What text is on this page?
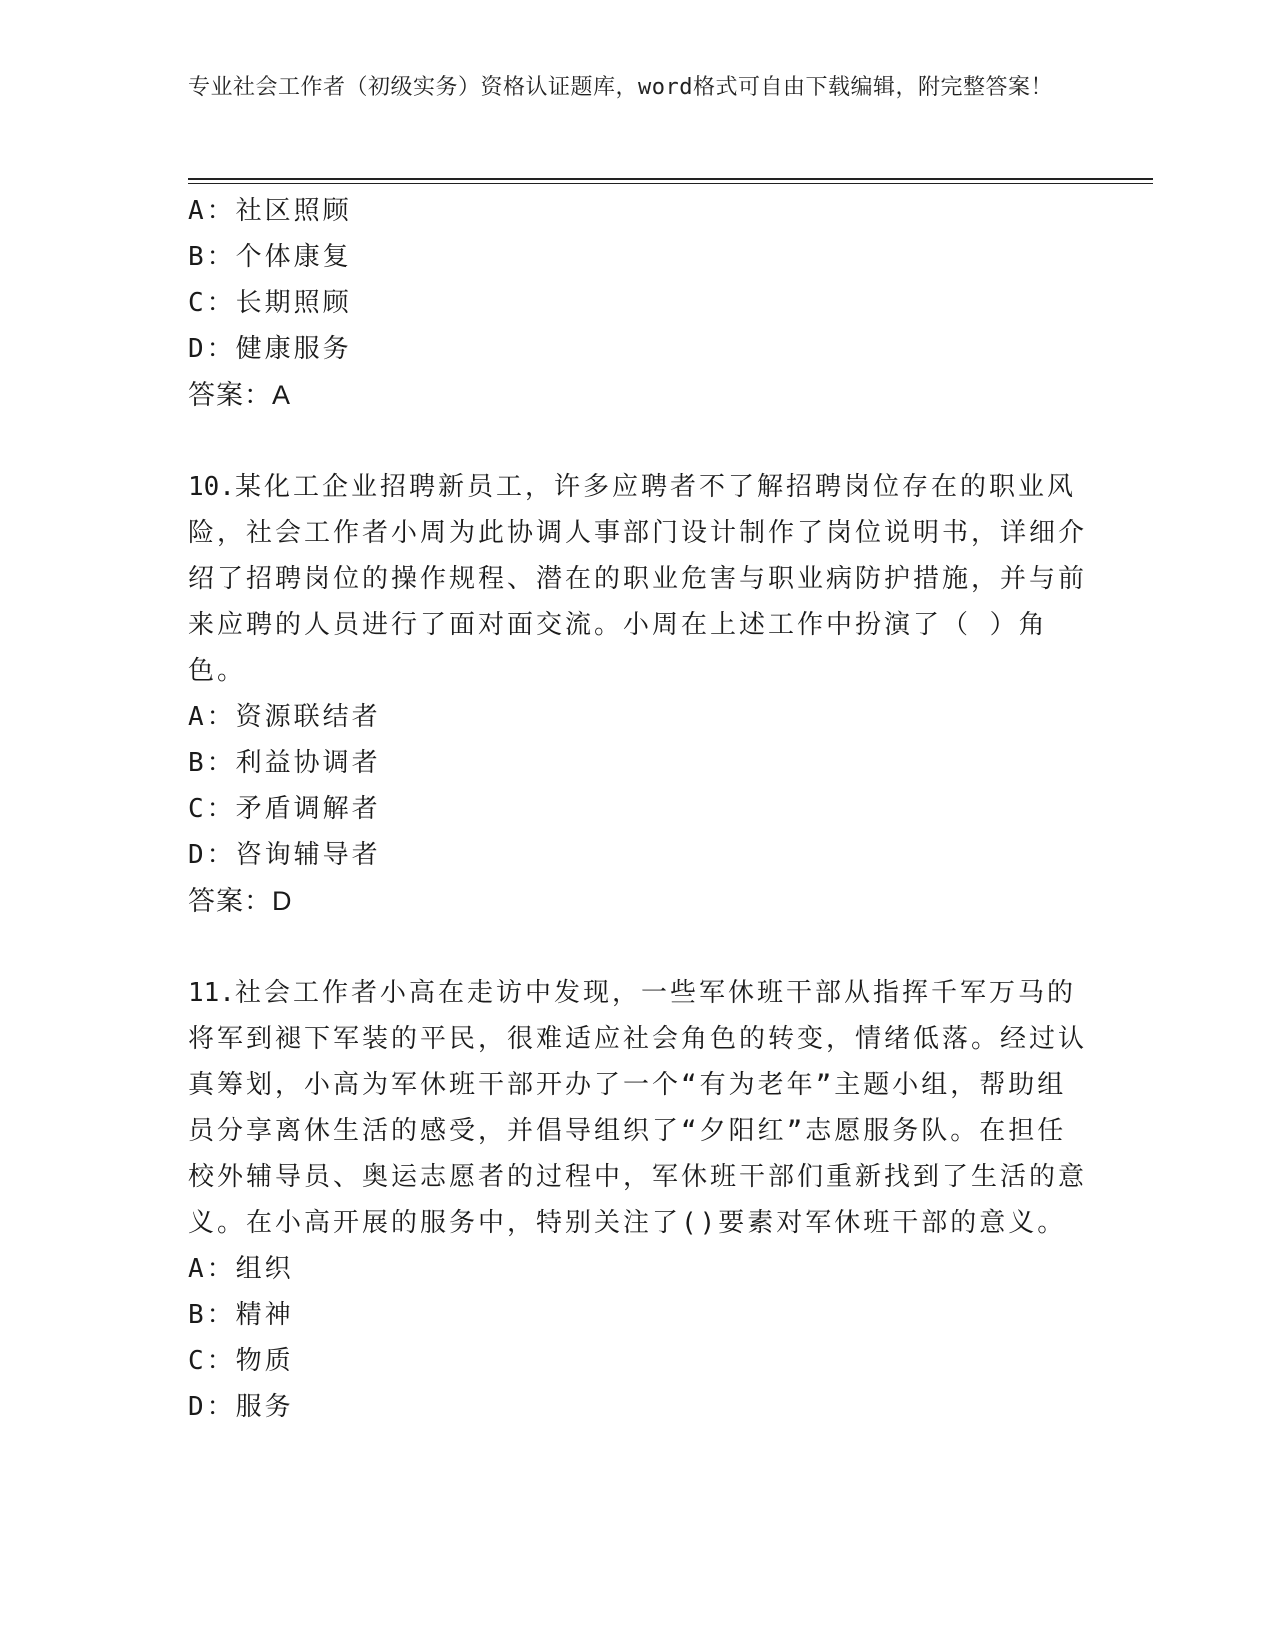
专业社会工作者（初级实务）资格认证题库，word格式可自由下载编辑，附完整答案！
A：社区照顾
B：个体康复
C：长期照顾
D：健康服务
答案：A
10.某化工企业招聘新员工，许多应聘者不了解招聘岗位存在的职业风险，社会工作者小周为此协调人事部门设计制作了岗位说明书，详细介绍了招聘岗位的操作规程、潜在的职业危害与职业病防护措施，并与前来应聘的人员进行了面对面交流。小周在上述工作中扮演了（ ）角色。
A：资源联结者
B：利益协调者
C：矛盾调解者
D：咨询辅导者
答案：D
11.社会工作者小高在走访中发现，一些军休班干部从指挥千军万马的将军到褪下军装的平民，很难适应社会角色的转变，情绪低落。经过认真筹划，小高为军休班干部开办了一个“有为老年”主题小组，帮助组员分享离休生活的感受，并倡导组织了“夕阳红”志愿服务队。在担任校外辅导员、奥运志愿者的过程中，军休班干部们重新找到了生活的意义。在小高开展的服务中，特别关注了()要素对军休班干部的意义。
A：组织
B：精神
C：物质
D：服务
